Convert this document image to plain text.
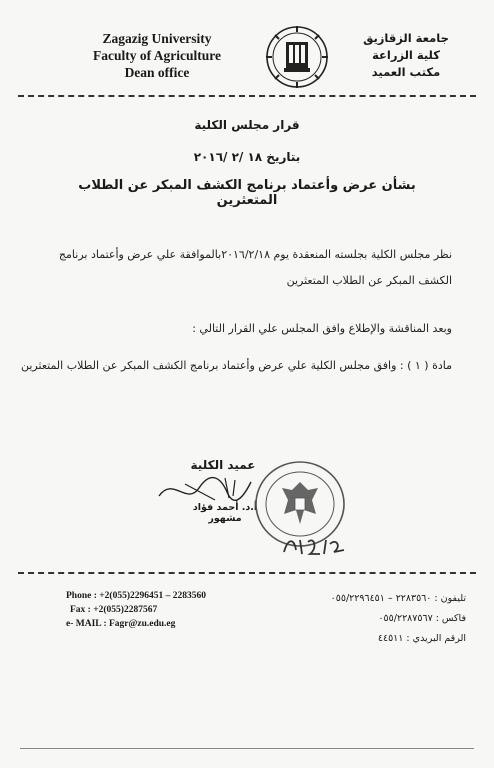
Zagazig University
Faculty of Agriculture
Dean office
جامعة الزقازيق
كلية الزراعة
مكتب العميد
قرار مجلس الكلية
بتاريخ ١٨ /٢ /٢٠١٦
بشأن عرض وأعتماد برنامج الكشف المبكر عن الطلاب المتعثرين
نظر مجلس الكلية بجلسته المنعقدة يوم ٢٠١٦/٢/١٨بالموافقة علي عرض وأعتماد برنامج
الكشف المبكر عن الطلاب المتعثرين
وبعد المناقشة والإطلاع وافق المجلس علي القرار التالي :
مادة ( ١ ) : وافق مجلس الكلية علي عرض وأعتماد برنامج الكشف المبكر عن الطلاب المتعثرين
عميد الكلية
أ.د. أحمد فؤاد مشهور
Phone : +2(055)2296451 – 2283560
Fax : +2(055)2287567
e- MAIL : Fagr@zu.edu.eg
تليفون : ٢٢٨٣٥٦٠ – ٠٥٥/٢٢٩٦٤٥١
فاكس : ٠٥٥/٢٢٨٧٥٦٧
الرقم البريدي : ٤٤٥١١
